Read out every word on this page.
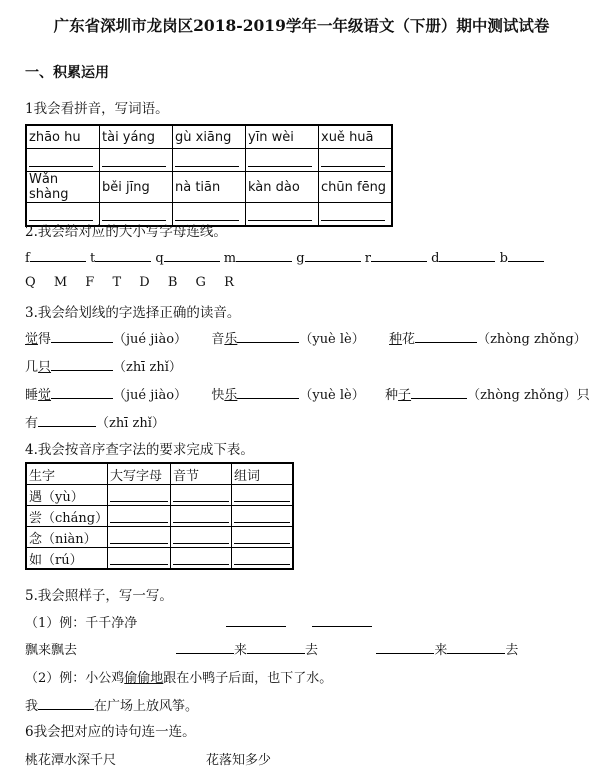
广东省深圳市龙岗区2018-2019学年一年级语文（下册）期中测试试卷
一、积累运用
1我会看拼音，写词语。
zhāo hu	tài yáng	gù xiāng	yīn wèi	xuě huā

Wǎn shàng	běi jīng	nà tiān	kàn dào	chūn fēng

2.我会给对应的大小写字母连线。
f	t	q	m	g	r	d	b
Q M F T D B G R
3.我会给划线的字选择正确的读音。
觉得	（jué jiào） 音乐	（yuè lè） 种花	（zhòng zhǒng）
几只	（zhī zhǐ）
睡觉	（jué jiào） 快乐	（yuè lè） 种子	（zhòng zhǒng）只
有	（zhī zhǐ）
4.我会按音序查字法的要求完成下表。
生字	大写字母	音节	组词
遇（yù）			
尝（cháng）			
念（niàn）			
如（rú）			
5.我会照样子，写一写。
（1）例：千千净净

飘来飘去	来	去	来	去
（2）例：小公鸡偷偷地跟在小鸭子后面，也下了水。
我	在广场上放风筝。
6我会把对应的诗句连一连。
桃花潭水深千尺	花落知多少
